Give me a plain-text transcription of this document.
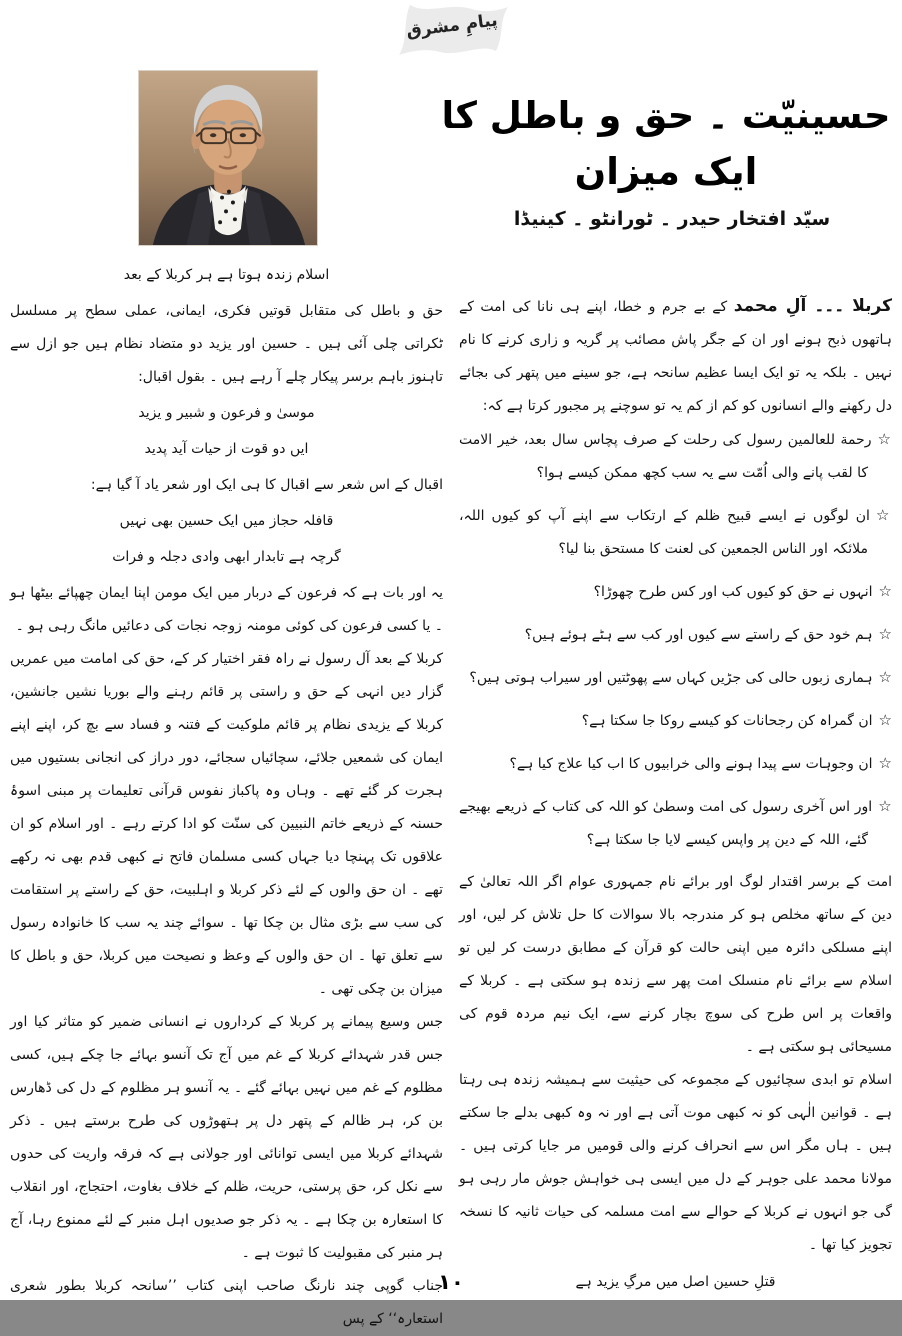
پیامِ مشرق
حسینیّت ۔ حق و باطل کا ایک میزان
سیّد افتخار حیدر ۔ ٹورانٹو ۔ کینیڈا

کربلا ۔۔۔ آلِ محمد کے بے جرم و خطا، اپنے ہی نانا کی امت کے ہاتھوں ذبح ہونے اور ان کے جگر پاش مصائب پر گریہ و زاری کرنے کا نام نہیں ۔ بلکہ یہ تو ایک ایسا عظیم سانحہ ہے، جو سینے میں پتھر کی بجائے دل رکھنے والے انسانوں کو کم از کم یہ تو سوچنے پر مجبور کرتا ہے کہ:

☆رحمة للعالمین رسول کی رحلت کے صرف پچاس سال بعد، خیر الامت کا لقب پانے والی اُمّت سے یہ سب کچھ ممکن کیسے ہوا؟
☆ان لوگوں نے ایسے قبیح ظلم کے ارتکاب سے اپنے آپ کو کیوں اللہ، ملائکہ اور الناس الجمعین کی لعنت کا مستحق بنا لیا؟
☆انہوں نے حق کو کیوں کب اور کس طرح چھوڑا؟
☆ہم خود حق کے راستے سے کیوں اور کب سے ہٹے ہوئے ہیں؟
☆ہماری زبوں حالی کی جڑیں کہاں سے پھوٹتیں اور سیراب ہوتی ہیں؟
☆ان گمراہ کن رجحانات کو کیسے روکا جا سکتا ہے؟
☆ان وجوہات سے پیدا ہونے والی خرابیوں کا اب کیا علاج کیا ہے؟
☆اور اس آخری رسول کی امت وسطیٰ کو اللہ کی کتاب کے ذریعے بھیجے گئے، اللہ کے دین پر واپس کیسے لایا جا سکتا ہے؟

امت کے برسر اقتدار لوگ اور برائے نام جمہوری عوام اگر اللہ تعالیٰ کے دین کے ساتھ مخلص ہو کر مندرجہ بالا سوالات کا حل تلاش کر لیں، اور اپنے مسلکی دائرہ میں اپنی حالت کو قرآن کے مطابق درست کر لیں تو اسلام سے برائے نام منسلک امت پھر سے زندہ ہو سکتی ہے ۔ کربلا کے واقعات پر اس طرح کی سوچ بچار کرنے سے، ایک نیم مردہ قوم کی مسیحائی ہو سکتی ہے ۔

اسلام تو ابدی سچائیوں کے مجموعہ کی حیثیت سے ہمیشہ زندہ ہی رہتا ہے ۔ قوانین الٰہی کو نہ کبھی موت آتی ہے اور نہ وہ کبھی بدلے جا سکتے ہیں ۔ ہاں مگر اس سے انحراف کرنے والی قومیں مر جایا کرتی ہیں ۔ مولانا محمد علی جوہر کے دل میں ایسی ہی خواہش جوش مار رہی ہو گی جو انہوں نے کربلا کے حوالے سے امت مسلمہ کی حیات ثانیہ کا نسخہ تجویز کیا تھا ۔

قتلِ حسین اصل میں مرگِ یزید ہے

اسلام زندہ ہوتا ہے ہر کربلا کے بعد

حق و باطل کی متقابل قوتیں فکری، ایمانی، عملی سطح پر مسلسل ٹکراتی چلی آئی ہیں ۔ حسین اور یزید دو متضاد نظام ہیں جو ازل سے تاہنوز باہم برسر پیکار چلے آ رہے ہیں ۔ بقول اقبال:

موسیٰ و فرعون و شبیر و یزید

ایں دو قوت از حیات آید پدید

اقبال کے اس شعر سے اقبال کا ہی ایک اور شعر یاد آ گیا ہے:

قافلہ حجاز میں ایک حسین بھی نہیں

گرچہ ہے تابدار ابھی وادی دجلہ و فرات

یہ اور بات ہے کہ فرعون کے دربار میں ایک مومن اپنا ایمان چھپائے بیٹھا ہو ۔ یا کسی فرعون کی کوئی مومنہ زوجہ نجات کی دعائیں مانگ رہی ہو ۔

کربلا کے بعد آل رسول نے راہ فقر اختیار کر کے، حق کی امامت میں عمریں گزار دیں انہی کے حق و راستی پر قائم رہنے والے بوریا نشیں جانشین، کربلا کے یزیدی نظام پر قائم ملوکیت کے فتنہ و فساد سے بچ کر، اپنے اپنے ایمان کی شمعیں جلائے، سچائیاں سجائے، دور دراز کی انجانی بستیوں میں ہجرت کر گئے تھے ۔ وہاں وہ پاکباز نفوس قرآنی تعلیمات پر مبنی اسوۂ حسنہ کے ذریعے خاتم النبیین کی سنّت کو ادا کرتے رہے ۔ اور اسلام کو ان علاقوں تک پہنچا دیا جہاں کسی مسلمان فاتح نے کبھی قدم بھی نہ رکھے تھے ۔ ان حق والوں کے لئے ذکر کربلا و اہلبیت، حق کے راستے پر استقامت کی سب سے بڑی مثال بن چکا تھا ۔ سوائے چند یہ سب کا خانوادہ رسول سے تعلق تھا ۔ ان حق والوں کے وعظ و نصیحت میں کربلا، حق و باطل کا میزان بن چکی تھی ۔

جس وسیع پیمانے پر کربلا کے کرداروں نے انسانی ضمیر کو متاثر کیا اور جس قدر شہدائے کربلا کے غم میں آج تک آنسو بہائے جا چکے ہیں، کسی مظلوم کے غم میں نہیں بہائے گئے ۔ یہ آنسو ہر مظلوم کے دل کی ڈھارس بن کر، ہر ظالم کے پتھر دل پر ہتھوڑوں کی طرح برستے ہیں ۔ ذکر شہدائے کربلا میں ایسی توانائی اور جولانی ہے کہ فرقہ واریت کی حدوں سے نکل کر، حق پرستی، حریت، ظلم کے خلاف بغاوت، احتجاج، اور انقلاب کا استعارہ بن چکا ہے ۔ یہ ذکر جو صدیوں اہل منبر کے لئے ممنوع رہا، آج ہر منبر کی مقبولیت کا ثبوت ہے ۔

جناب گوپی چند نارنگ صاحب اپنی کتاب ’’سانحہ کربلا بطور شعری استعارہ‘‘ کے پس

۱۰
